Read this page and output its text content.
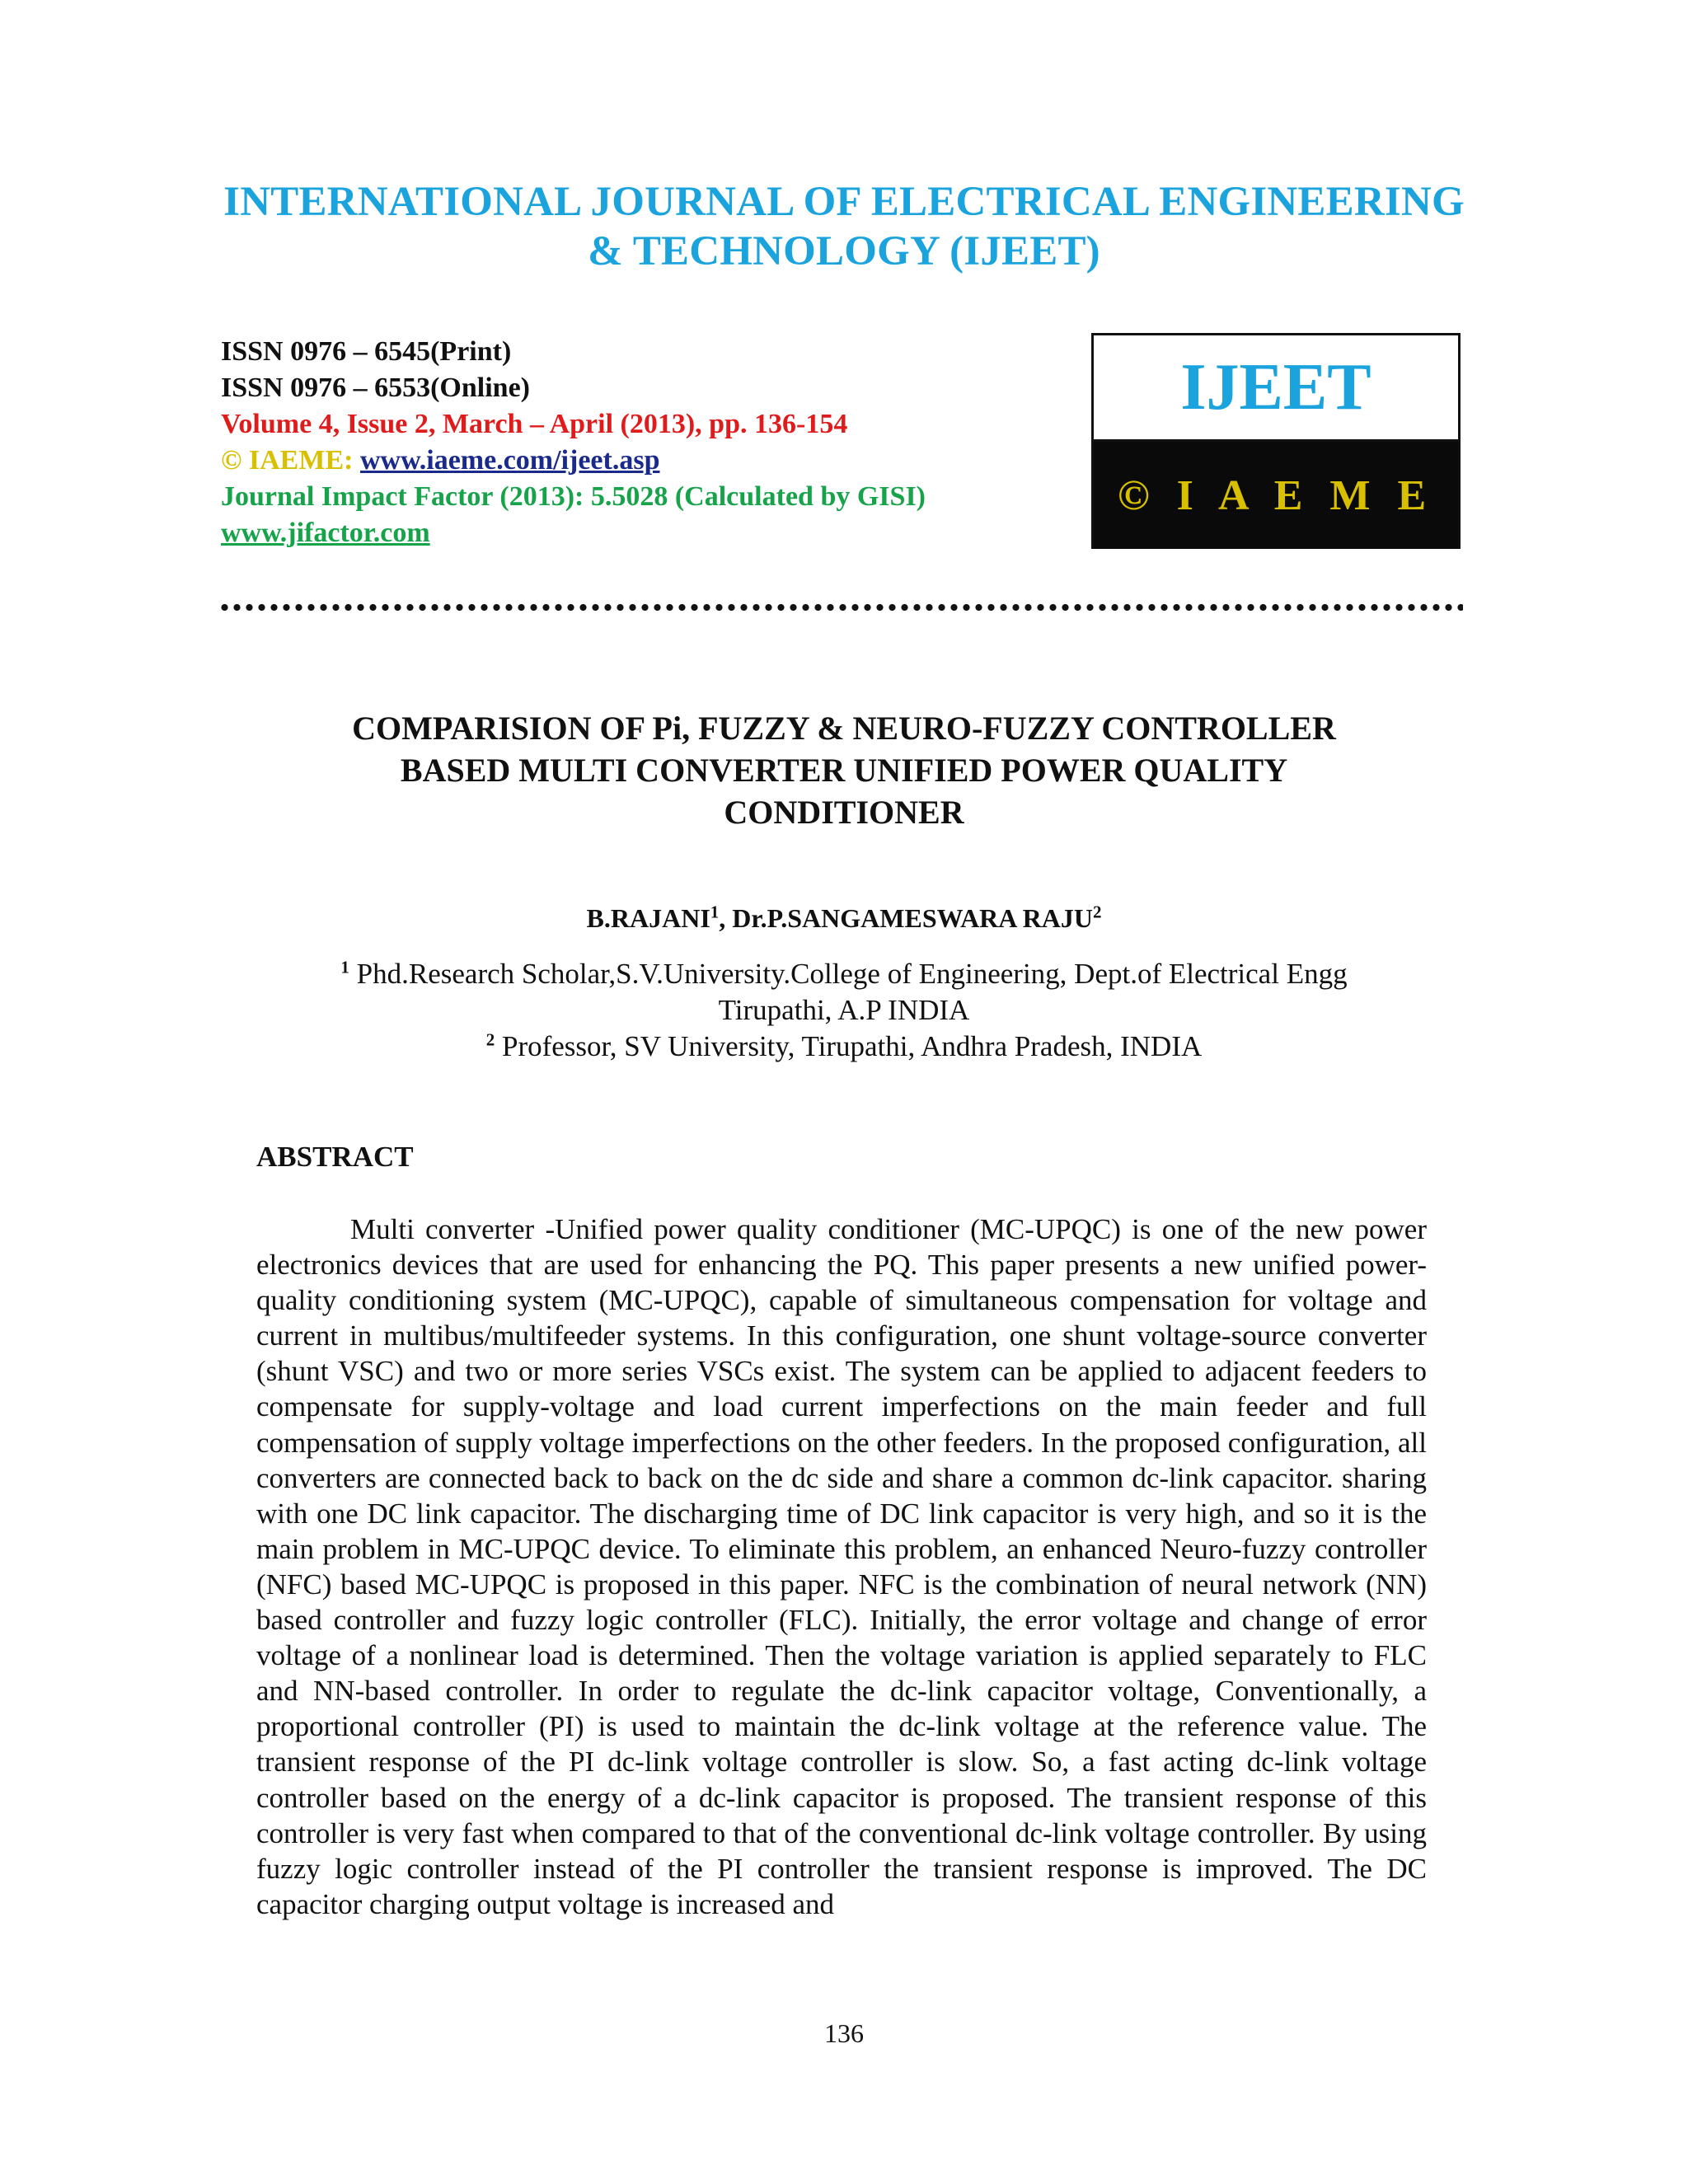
INTERNATIONAL JOURNAL OF ELECTRICAL ENGINEERING
& TECHNOLOGY (IJEET)
ISSN 0976 – 6545(Print)
ISSN 0976 – 6553(Online)
Volume 4, Issue 2, March – April (2013), pp. 136-154
© IAEME: www.iaeme.com/ijeet.asp
Journal Impact Factor (2013): 5.5028 (Calculated by GISI)
www.jifactor.com
IJEET
© I A E M E
COMPARISION OF Pi, FUZZY & NEURO-FUZZY CONTROLLER
BASED MULTI CONVERTER UNIFIED POWER QUALITY
CONDITIONER
B.RAJANI$^1$, Dr.P.SANGAMESWARA RAJU$^2$
$^1$ Phd.Research Scholar,S.V.University.College of Engineering, Dept.of Electrical Engg
Tirupathi, A.P INDIA
$^2$ Professor, SV University, Tirupathi, Andhra Pradesh, INDIA
ABSTRACT
Multi converter -Unified power quality conditioner (MC-UPQC) is one of the new power electronics devices that are used for enhancing the PQ. This paper presents a new unified power-quality conditioning system (MC-UPQC), capable of simultaneous compensation for voltage and current in multibus/multifeeder systems. In this configuration, one shunt voltage-source converter (shunt VSC) and two or more series VSCs exist. The system can be applied to adjacent feeders to compensate for supply-voltage and load current imperfections on the main feeder and full compensation of supply voltage imperfections on the other feeders. In the proposed configuration, all converters are connected back to back on the dc side and share a common dc-link capacitor. sharing with one DC link capacitor. The discharging time of DC link capacitor is very high, and so it is the main problem in MC-UPQC device. To eliminate this problem, an enhanced Neuro-fuzzy controller (NFC) based MC-UPQC is proposed in this paper. NFC is the combination of neural network (NN) based controller and fuzzy logic controller (FLC). Initially, the error voltage and change of error voltage of a nonlinear load is determined. Then the voltage variation is applied separately to FLC and NN-based controller. In order to regulate the dc-link capacitor voltage, Conventionally, a proportional controller (PI) is used to maintain the dc-link voltage at the reference value. The transient response of the PI dc-link voltage controller is slow. So, a fast acting dc-link voltage controller based on the energy of a dc-link capacitor is proposed. The transient response of this controller is very fast when compared to that of the conventional dc-link voltage controller. By using fuzzy logic controller instead of the PI controller the transient response is improved. The DC capacitor charging output voltage is increased and
136
